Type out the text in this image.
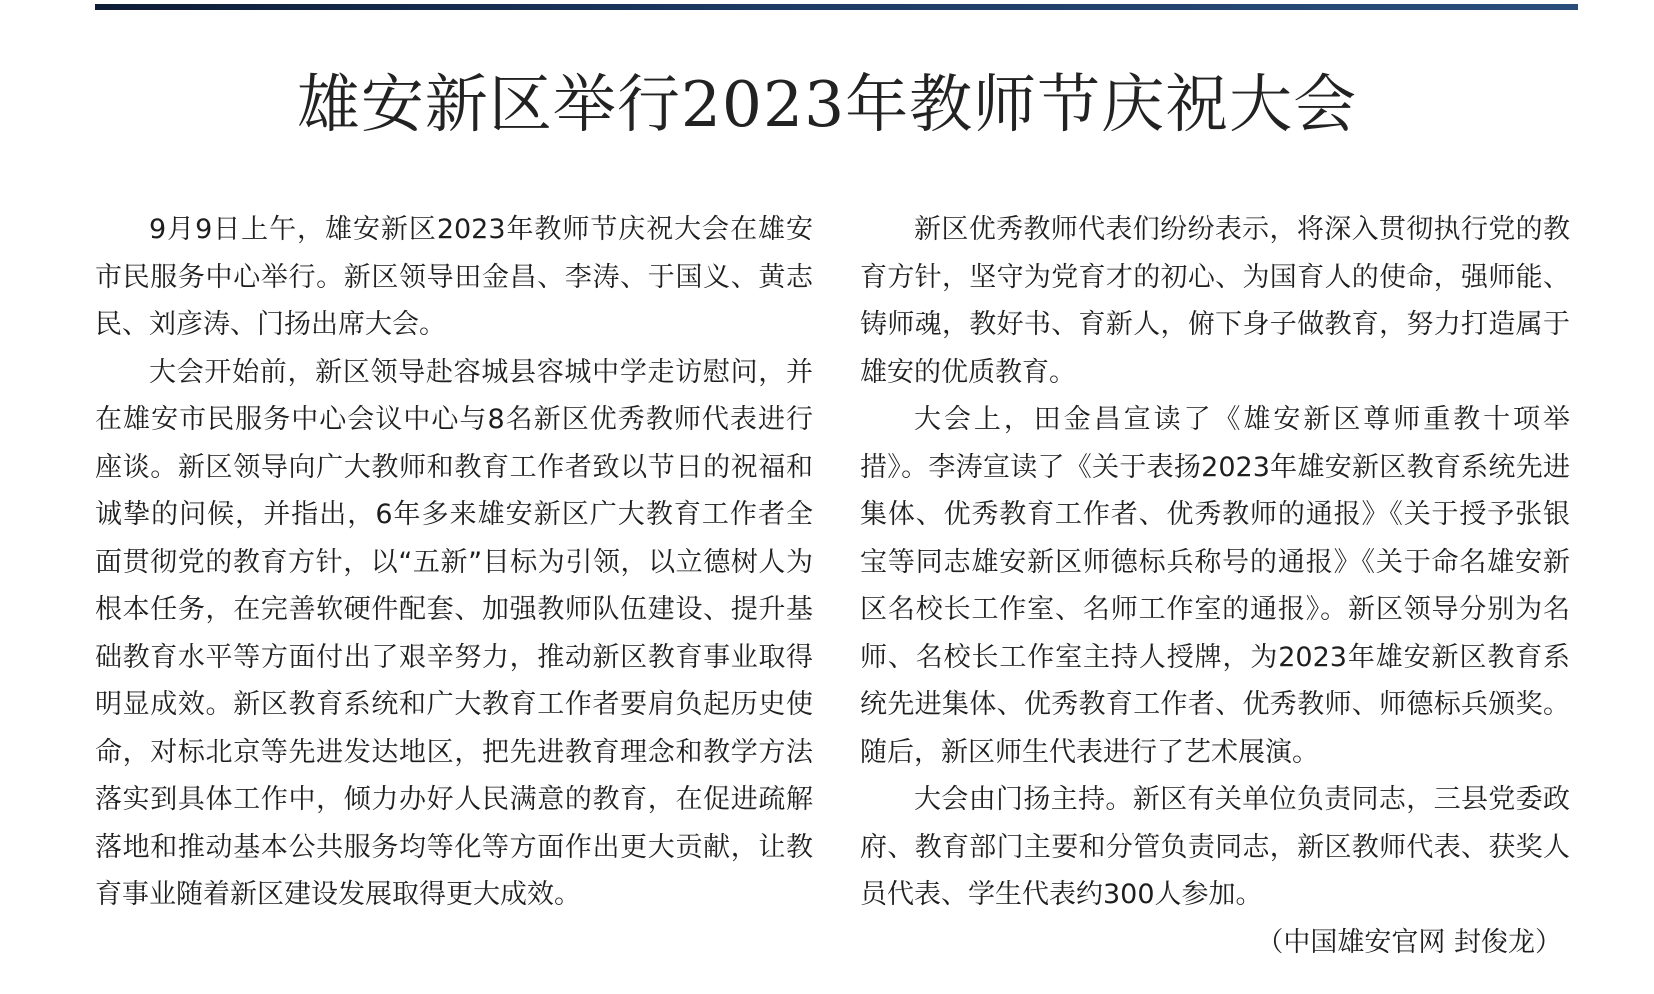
雄安新区举行2023年教师节庆祝大会

9月9日上午，雄安新区2023年教师节庆祝大会在雄安市民服务中心举行。新区领导田金昌、李涛、于国义、黄志民、刘彦涛、门扬出席大会。

大会开始前，新区领导赴容城县容城中学走访慰问，并在雄安市民服务中心会议中心与8名新区优秀教师代表进行座谈。新区领导向广大教师和教育工作者致以节日的祝福和诚挚的问候，并指出，6年多来雄安新区广大教育工作者全面贯彻党的教育方针，以“五新”目标为引领，以立德树人为根本任务，在完善软硬件配套、加强教师队伍建设、提升基础教育水平等方面付出了艰辛努力，推动新区教育事业取得明显成效。新区教育系统和广大教育工作者要肩负起历史使命，对标北京等先进发达地区，把先进教育理念和教学方法落实到具体工作中，倾力办好人民满意的教育，在促进疏解落地和推动基本公共服务均等化等方面作出更大贡献，让教育事业随着新区建设发展取得更大成效。

新区优秀教师代表们纷纷表示，将深入贯彻执行党的教育方针，坚守为党育才的初心、为国育人的使命，强师能、铸师魂，教好书、育新人，俯下身子做教育，努力打造属于雄安的优质教育。

大会上，田金昌宣读了《雄安新区尊师重教十项举措》。李涛宣读了《关于表扬2023年雄安新区教育系统先进集体、优秀教育工作者、优秀教师的通报》《关于授予张银宝等同志雄安新区师德标兵称号的通报》《关于命名雄安新区名校长工作室、名师工作室的通报》。新区领导分别为名师、名校长工作室主持人授牌，为2023年雄安新区教育系统先进集体、优秀教育工作者、优秀教师、师德标兵颁奖。随后，新区师生代表进行了艺术展演。

大会由门扬主持。新区有关单位负责同志，三县党委政府、教育部门主要和分管负责同志，新区教师代表、获奖人员代表、学生代表约300人参加。

（中国雄安官网 封俊龙）
